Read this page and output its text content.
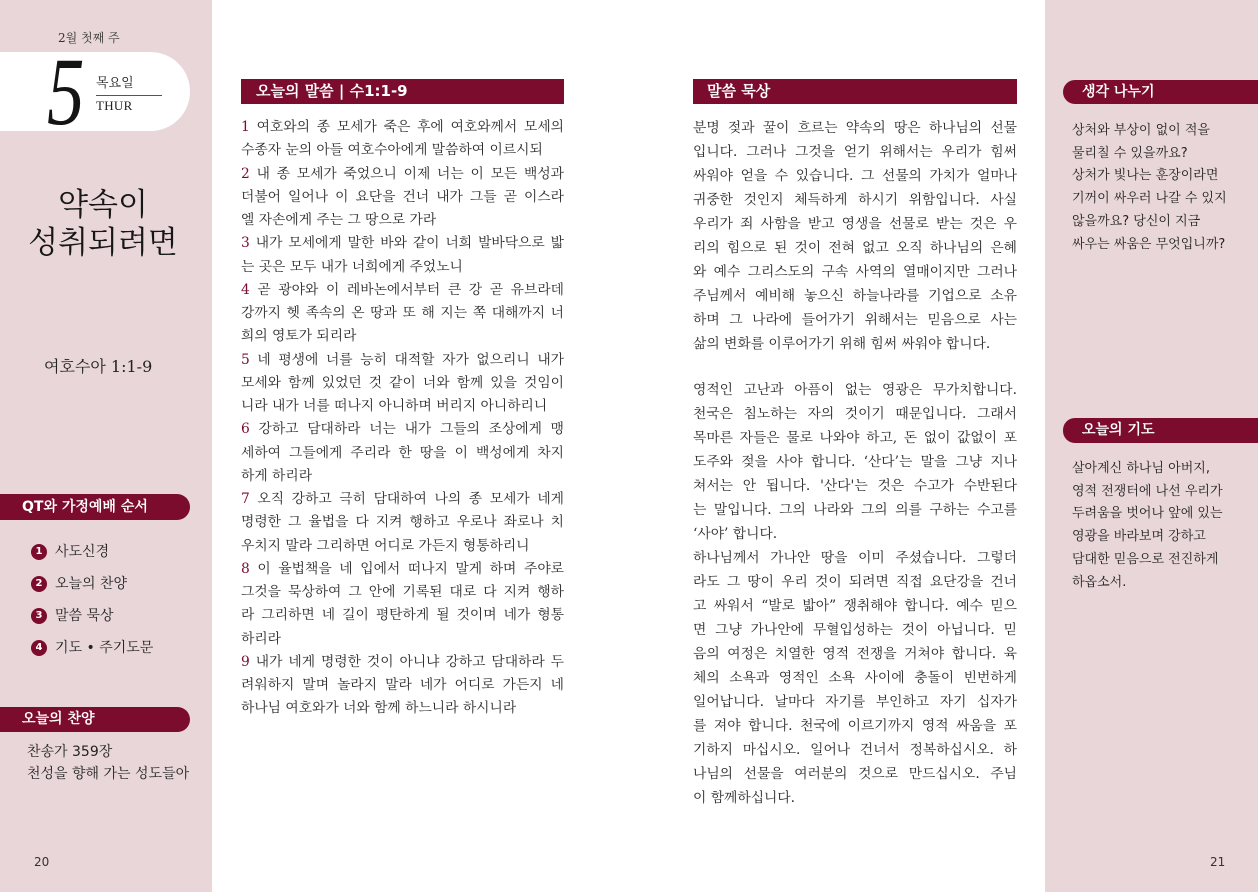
2월 첫째 주
5 목요일
THUR
약속이
성취되려면
여호수아 1:1-9
QT와 가정예배 순서
1 사도신경
2 오늘의 찬양
3 말씀 묵상
4 기도 • 주기도문
오늘의 찬양
찬송가 359장
천성을 향해 가는 성도들아
20
오늘의 말씀 | 수1:1-9
1 여호와의 종 모세가 죽은 후에 여호와께서 모세의
수종자 눈의 아들 여호수아에게 말씀하여 이르시되
2 내 종 모세가 죽었으니 이제 너는 이 모든 백성과
더불어 일어나 이 요단을 건너 내가 그들 곧 이스라
엘 자손에게 주는 그 땅으로 가라
3 내가 모세에게 말한 바와 같이 너희 발바닥으로 밟
는 곳은 모두 내가 너희에게 주었노니
4 곧 광야와 이 레바논에서부터 큰 강 곧 유브라데
강까지 헷 족속의 온 땅과 또 해 지는 쪽 대해까지 너
희의 영토가 되리라
5 네 평생에 너를 능히 대적할 자가 없으리니 내가
모세와 함께 있었던 것 같이 너와 함께 있을 것임이
니라 내가 너를 떠나지 아니하며 버리지 아니하리니
6 강하고 담대하라 너는 내가 그들의 조상에게 맹
세하여 그들에게 주리라 한 땅을 이 백성에게 차지
하게 하리라
7 오직 강하고 극히 담대하여 나의 종 모세가 네게
명령한 그 율법을 다 지켜 행하고 우로나 좌로나 치
우치지 말라 그리하면 어디로 가든지 형통하리니
8 이 율법책을 네 입에서 떠나지 말게 하며 주야로
그것을 묵상하여 그 안에 기록된 대로 다 지켜 행하
라 그리하면 네 길이 평탄하게 될 것이며 네가 형통
하리라
9 내가 네게 명령한 것이 아니냐 강하고 담대하라 두
려워하지 말며 놀라지 말라 네가 어디로 가든지 네
하나님 여호와가 너와 함께 하느니라 하시니라
말씀 묵상
분명 젖과 꿀이 흐르는 약속의 땅은 하나님의 선물
입니다. 그러나 그것을 얻기 위해서는 우리가 힘써
싸워야 얻을 수 있습니다. 그 선물의 가치가 얼마나
귀중한 것인지 체득하게 하시기 위함입니다. 사실
우리가 죄 사함을 받고 영생을 선물로 받는 것은 우
리의 힘으로 된 것이 전혀 없고 오직 하나님의 은혜
와 예수 그리스도의 구속 사역의 열매이지만 그러나
주님께서 예비해 놓으신 하늘나라를 기업으로 소유
하며 그 나라에 들어가기 위해서는 믿음으로 사는
삶의 변화를 이루어가기 위해 힘써 싸워야 합니다.
영적인 고난과 아픔이 없는 영광은 무가치합니다.
천국은 침노하는 자의 것이기 때문입니다. 그래서
목마른 자들은 물로 나와야 하고, 돈 없이 값없이 포
도주와 젖을 사야 합니다. ‘산다’는 말을 그냥 지나
쳐서는 안 됩니다. '산다'는 것은 수고가 수반된다
는 말입니다. 그의 나라와 그의 의를 구하는 수고를
‘사야’ 합니다.
하나님께서 가나안 땅을 이미 주셨습니다. 그렇더
라도 그 땅이 우리 것이 되려면 직접 요단강을 건너
고 싸워서 “발로 밟아” 쟁취해야 합니다. 예수 믿으
면 그냥 가나안에 무혈입성하는 것이 아닙니다. 믿
음의 여정은 치열한 영적 전쟁을 거쳐야 합니다. 육
체의 소욕과 영적인 소욕 사이에 충돌이 빈번하게
일어납니다. 날마다 자기를 부인하고 자기 십자가
를 져야 합니다. 천국에 이르기까지 영적 싸움을 포
기하지 마십시오. 일어나 건너서 정복하십시오. 하
나님의 선물을 여러분의 것으로 만드십시오. 주님
이 함께하십니다.
생각 나누기
상처와 부상이 없이 적을
물리칠 수 있을까요?
상처가 빛나는 훈장이라면
기꺼이 싸우러 나갈 수 있지
않을까요? 당신이 지금
싸우는 싸움은 무엇입니까?
오늘의 기도
살아계신 하나님 아버지,
영적 전쟁터에 나선 우리가
두려움을 벗어나 앞에 있는
영광을 바라보며 강하고
담대한 믿음으로 전진하게
하옵소서.
21
